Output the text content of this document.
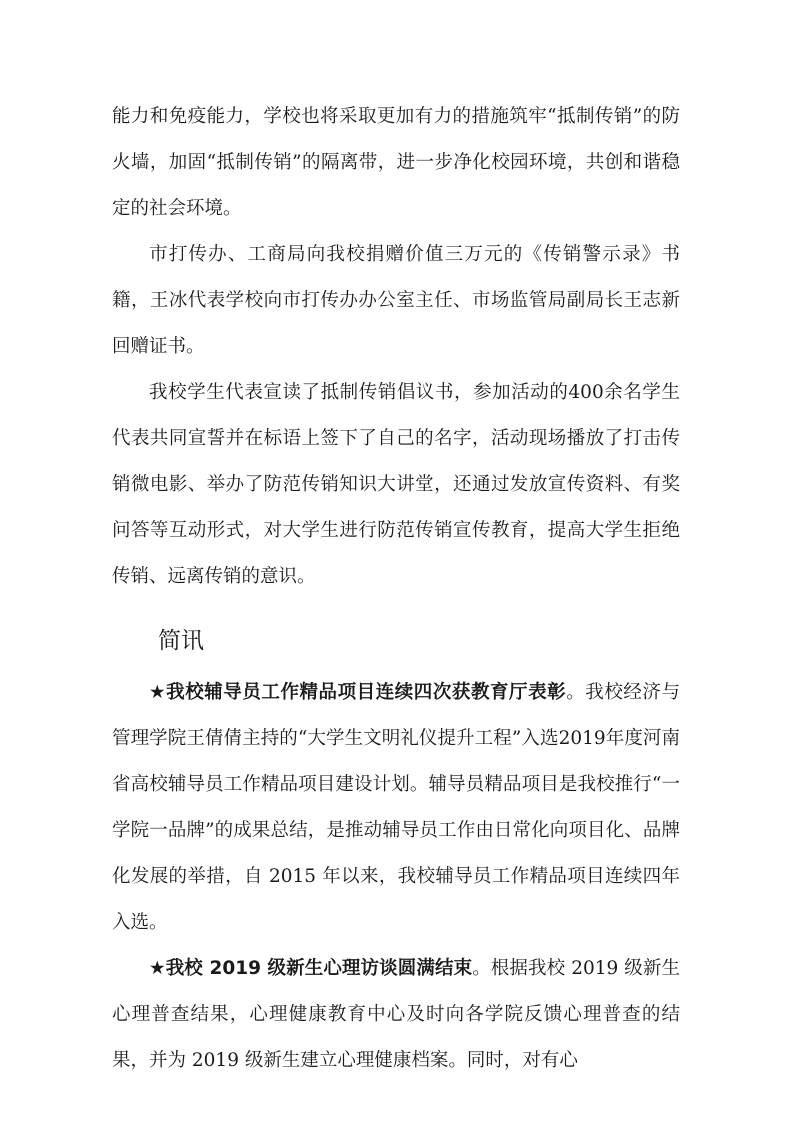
能力和免疫能力，学校也将采取更加有力的措施筑牢“抵制传销”的防火墙，加固“抵制传销”的隔离带，进一步净化校园环境，共创和谐稳定的社会环境。

市打传办、工商局向我校捐赠价值三万元的《传销警示录》书籍，王冰代表学校向市打传办办公室主任、市场监管局副局长王志新回赠证书。

我校学生代表宣读了抵制传销倡议书，参加活动的400余名学生代表共同宣誓并在标语上签下了自己的名字，活动现场播放了打击传销微电影、举办了防范传销知识大讲堂，还通过发放宣传资料、有奖问答等互动形式，对大学生进行防范传销宣传教育，提高大学生拒绝传销、远离传销的意识。

简讯

★我校辅导员工作精品项目连续四次获教育厅表彰。我校经济与管理学院王倩倩主持的“大学生文明礼仪提升工程”入选2019年度河南省高校辅导员工作精品项目建设计划。辅导员精品项目是我校推行“一学院一品牌”的成果总结，是推动辅导员工作由日常化向项目化、品牌化发展的举措，自 2015 年以来，我校辅导员工作精品项目连续四年入选。

★我校 2019 级新生心理访谈圆满结束。根据我校 2019 级新生心理普查结果，心理健康教育中心及时向各学院反馈心理普查的结果，并为 2019 级新生建立心理健康档案。同时，对有心
